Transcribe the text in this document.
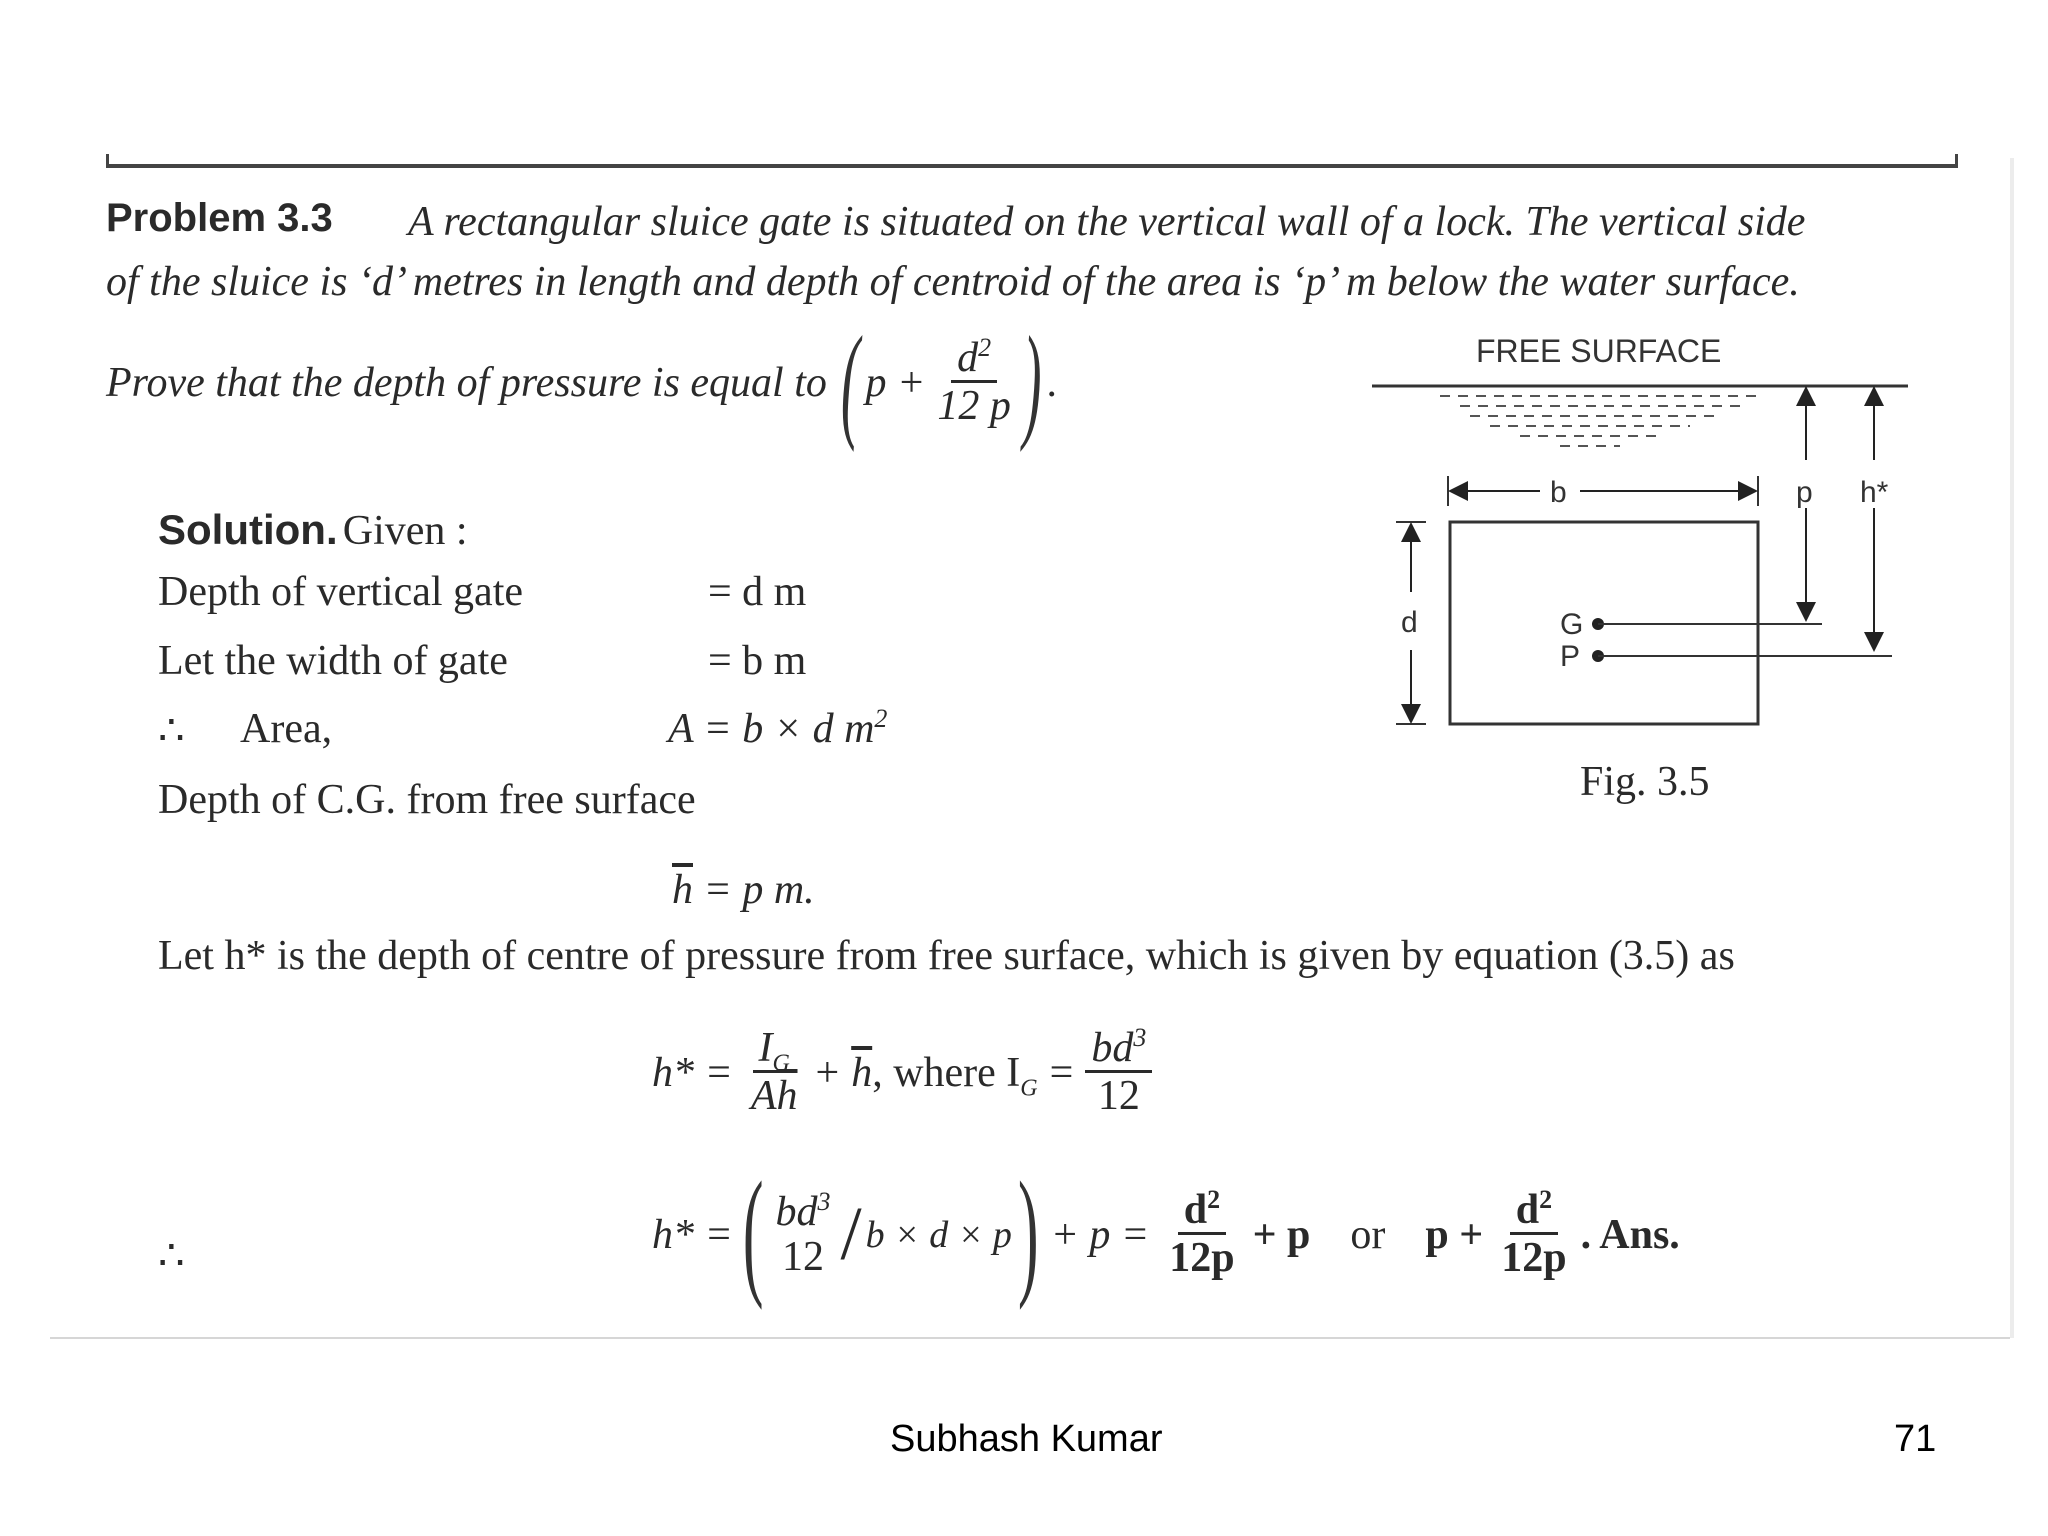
Problem 3.3 A rectangular sluice gate is situated on the vertical wall of a lock. The vertical side
of the sluice is ‘d’ metres in length and depth of centroid of the area is ‘p’ m below the water surface.
Prove that the depth of pressure is equal to ( $p + \frac{d^2}{12 p}$ ) .
Solution. Given :
Depth of vertical gate	= d m
Let the width of gate	= b m
∴ Area,	A = b × d $m^2$
Depth of C.G. from free surface
$\overline{h} = p$ m.
Let h* is the depth of centre of pressure from free surface, which is given by equation (3.5) as
$h* = \frac{I_G}{A\overline{h}} + \overline{h}$ , where $I_G = \frac{bd^3}{12}$
∴	h* = ( $bd^3$
12 / b × d × p ) + $p = \frac{d^2}{12p} + p$ or $p + \frac{d^2}{12p}$ . Ans.
FREE SURFACE
b
d
p h*
G
P
Fig. 3.5
Subhash Kumar	71
